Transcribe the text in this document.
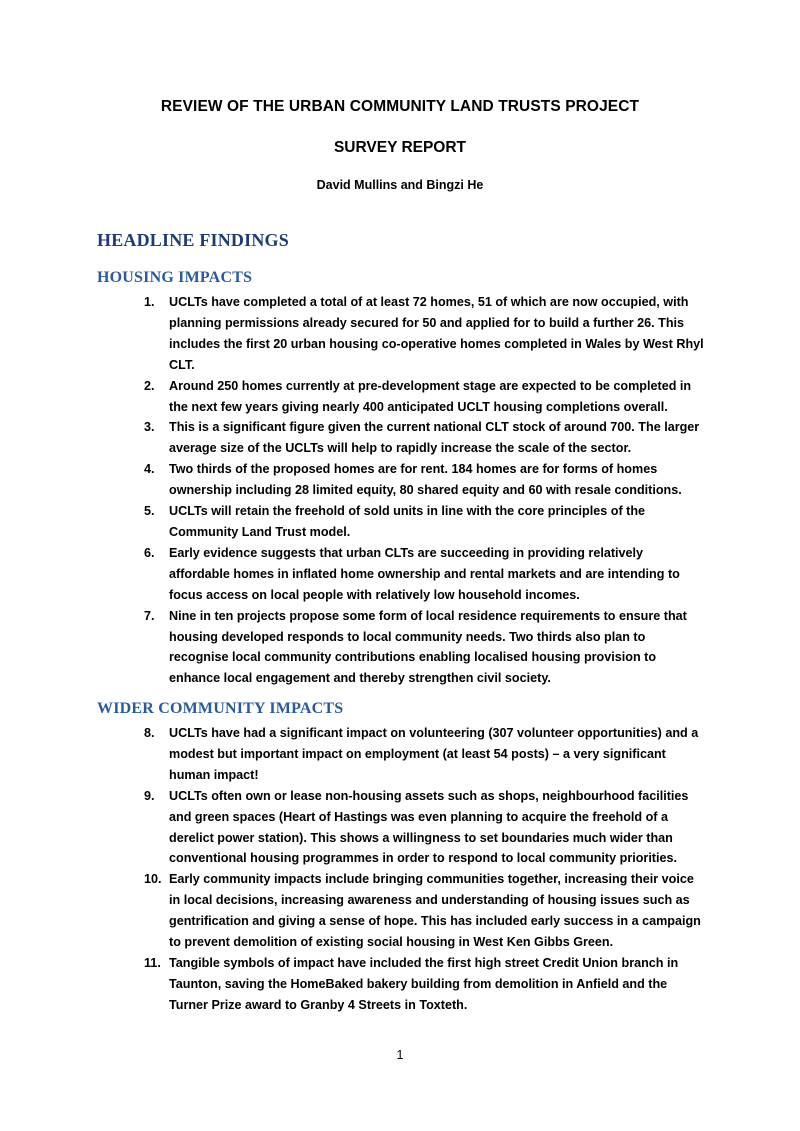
REVIEW OF THE URBAN COMMUNITY LAND TRUSTS PROJECT
SURVEY REPORT
David Mullins and Bingzi He
HEADLINE FINDINGS
HOUSING IMPACTS
1.	UCLTs have completed a total of at least 72 homes, 51 of which are now occupied, with planning permissions already secured for 50 and applied for to build a further 26. This includes the first 20 urban housing co-operative homes completed in Wales by West Rhyl CLT.
2.	Around 250 homes currently at pre-development stage are expected to be completed in the next few years giving nearly 400 anticipated UCLT housing completions overall.
3.	This is a significant figure given the current national CLT stock of around 700. The larger average size of the UCLTs will help to rapidly increase the scale of the sector.
4.	Two thirds of the proposed homes are for rent. 184 homes are for forms of homes ownership including 28 limited equity, 80 shared equity and 60 with resale conditions.
5.	UCLTs will retain the freehold of sold units in line with the core principles of the Community Land Trust model.
6.	Early evidence suggests that urban CLTs are succeeding in providing relatively affordable homes in inflated home ownership and rental markets and are intending to focus access on local people with relatively low household incomes.
7.	Nine in ten projects propose some form of local residence requirements to ensure that housing developed responds to local community needs. Two thirds also plan to recognise local community contributions enabling localised housing provision to enhance local engagement and thereby strengthen civil society.
WIDER COMMUNITY IMPACTS
8.	UCLTs have had a significant impact on volunteering (307 volunteer opportunities) and a modest but important impact on employment (at least 54 posts) – a very significant human impact!
9.	UCLTs often own or lease non-housing assets such as shops, neighbourhood facilities and green spaces (Heart of Hastings was even planning to acquire the freehold of a derelict power station). This shows a willingness to set boundaries much wider than conventional housing programmes in order to respond to local community priorities.
10. Early community impacts include bringing communities together, increasing their voice in local decisions, increasing awareness and understanding of housing issues such as gentrification and giving a sense of hope. This has included early success in a campaign to prevent demolition of existing social housing in West Ken Gibbs Green.
11. Tangible symbols of impact have included the first high street Credit Union branch in Taunton, saving the HomeBaked bakery building from demolition in Anfield and the Turner Prize award to Granby 4 Streets in Toxteth.
1
